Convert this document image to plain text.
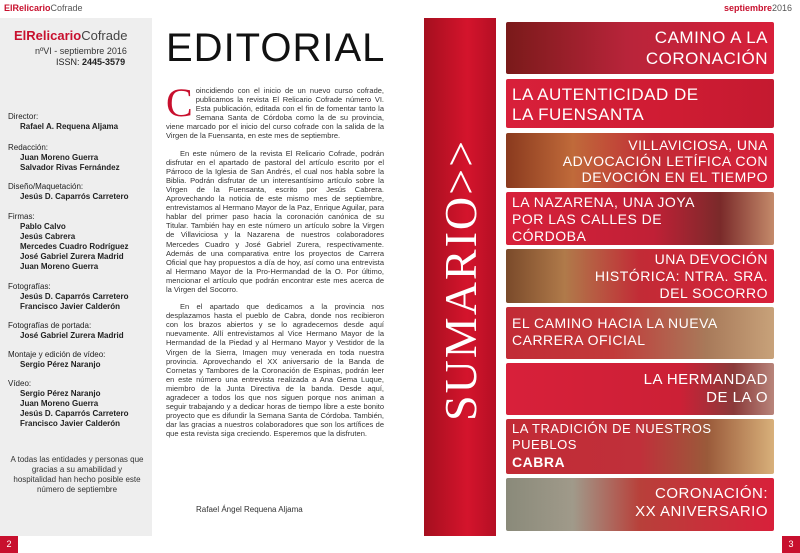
ElRelicarioCofrade	septiembre2016
ElRelicarioCofrade
nºVI - septiembre 2016
ISSN: 2445-3579
Director:
Rafael A. Requena Aljama
Redacción:
Juan Moreno Guerra
Salvador Rivas Fernández
Diseño/Maquetación:
Jesús D. Caparrós Carretero
Firmas:
Pablo Calvo
Jesús Cabrera
Mercedes Cuadro Rodríguez
José Gabriel Zurera Madrid
Juan Moreno Guerra
Fotografías:
Jesús D. Caparrós Carretero
Francisco Javier Calderón
Fotografías de portada:
José Gabriel Zurera Madrid
Montaje y edición de vídeo:
Sergio Pérez Naranjo
Vídeo:
Sergio Pérez Naranjo
Juan Moreno Guerra
Jesús D. Caparrós Carretero
Francisco Javier Calderón
A todas las entidades y personas que gracias a su amabilidad y hospitalidad han hecho posible este número de septiembre
2	3
EDITORIAL

Coincidiendo con el inicio de un nuevo curso cofrade, publicamos la revista El Relicario Cofrade número VI. Esta publicación, editada con el fin de fomentar tanto la Semana Santa de Córdoba como la de su provincia, viene marcado por el inicio del curso cofrade con la salida de la Virgen de la Fuensanta, en este mes de septiembre.

En este número de la revista El Relicario Cofrade, podrán disfrutar en el apartado de pastoral del artículo escrito por el Párroco de la Iglesia de San Andrés, el cual nos habla sobre la Biblia. Podrán disfrutar de un interesantísimo artículo sobre la Virgen de la Fuensanta, escrito por Jesús Cabrera. Aprovechando la noticia de este mismo mes de septiembre, entrevistamos al Hermano Mayor de la Paz, Enrique Aguilar, para hablar del primer paso hacia la coronación canónica de su Titular. También hay en este número un artículo sobre la Virgen de Villaviciosa y la Nazarena de nuestros colaboradores Mercedes Cuadro y José Gabriel Zurera, respectivamente. Además de una comparativa entre los proyectos de Carrera Oficial que hay propuestos a día de hoy, así como una entrevista al Hermano Mayor de la Pro-Hermandad de la O. Por último, mencionar el artículo que podrán encontrar este mes acerca de la Virgen del Socorro.

En el apartado que dedicamos a la provincia nos desplazamos hasta el pueblo de Cabra, donde nos recibieron con los brazos abiertos y se lo agradecemos desde aquí nuevamente. Allí entrevistamos al Vice Hermano Mayor de la Hermandad de la Piedad y al Hermano Mayor y Vestidor de la Virgen de la Sierra, Imagen muy venerada en toda nuestra provincia. Aprovechando el XX aniversario de la Banda de Cornetas y Tambores de la Coronación de Espinas, podrán leer en este número una entrevista realizada a Ana Gema Luque, miembro de la Junta Directiva de la banda. Desde aquí, agradecer a todos los que nos siguen porque nos animan a seguir trabajando y a dedicar horas de tiempo libre a este bonito proyecto que es difundir la Semana Santa de Córdoba. También, dar las gracias a nuestros colaboradores que son los artífices de que esta revista siga creciendo. Esperemos que la disfruten.

Rafael Ángel Requena Aljama
SUMARIO
>>
CAMINO A LA
CORONACIÓN
LA AUTENTICIDAD DE
LA FUENSANTA
VILLAVICIOSA, UNA
ADVOCACIÓN LETÍFICA CON
DEVOCIÓN EN EL TIEMPO
LA NAZARENA, UNA JOYA
POR LAS CALLES DE
CÓRDOBA
UNA DEVOCIÓN
HISTÓRICA: NTRA. SRA.
DEL SOCORRO
EL CAMINO HACIA LA NUEVA
CARRERA OFICIAL
LA HERMANDAD
DE LA O
LA TRADICIÓN DE NUESTROS
PUEBLOS
CABRA
CORONACIÓN:
XX ANIVERSARIO
